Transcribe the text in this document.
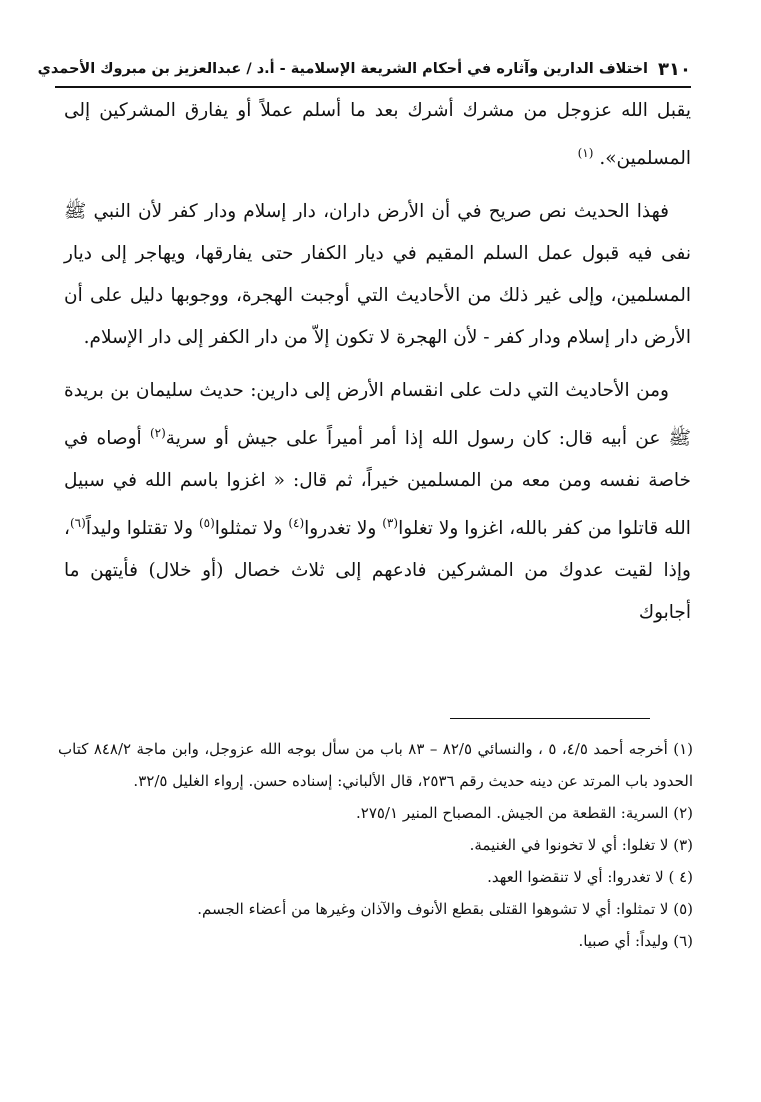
٣١٠
اختلاف الدارين وآثاره في أحكام الشريعة الإسلامية - أ.د / عبدالعزيز بن مبروك الأحمدي

يقبل الله عزوجل من مشرك أشرك بعد ما أسلم عملاً أو يفارق المشركين إلى المسلمين». $^{(١)}$

فهذا الحديث نص صريح في أن الأرض داران، دار إسلام ودار كفر لأن النبي ﷺ نفى فيه قبول عمل السلم المقيم في ديار الكفار حتى يفارقها، ويهاجر إلى ديار المسلمين، وإلى غير ذلك من الأحاديث التي أوجبت الهجرة، ووجوبها دليل على أن الأرض دار إسلام ودار كفر - لأن الهجرة لا تكون إلاّ من دار الكفر إلى دار الإسلام.

ومن الأحاديث التي دلت على انقسام الأرض إلى دارين: حديث سليمان بن بريدة ﷺ عن أبيه قال: كان رسول الله إذا أمر أميراً على جيش أو سرية$^{(٢)}$ أوصاه في خاصة نفسه ومن معه من المسلمين خيراً، ثم قال: « اغزوا باسم الله في سبيل الله قاتلوا من كفر بالله، اغزوا ولا تغلوا$^{(٣)}$ ولا تغدروا$^{(٤)}$ ولا تمثلوا$^{(٥)}$ ولا تقتلوا وليداً$^{(٦)}$، وإذا لقيت عدوك من المشركين فادعهم إلى ثلاث خصال (أو خلال) فأيتهن ما أجابوك

(١) أخرجه أحمد ٤/٥، ٥ ، والنسائي ٨٢/٥ – ٨٣ باب من سأل بوجه الله عزوجل، وابن ماجة ٨٤٨/٢ كتاب الحدود باب المرتد عن دينه حديث رقم ٢٥٣٦، قال الألباني: إسناده حسن. إرواء الغليل ٣٢/٥.

(٢) السرية: القطعة من الجيش. المصباح المنير ٢٧٥/١.

(٣) لا تغلوا: أي لا تخونوا في الغنيمة.

(٤ ) لا تغدروا: أي لا تنقضوا العهد.

(٥) لا تمثلوا: أي لا تشوهوا القتلى بقطع الأنوف والآذان وغيرها من أعضاء الجسم.

(٦) وليداً: أي صبيا.
